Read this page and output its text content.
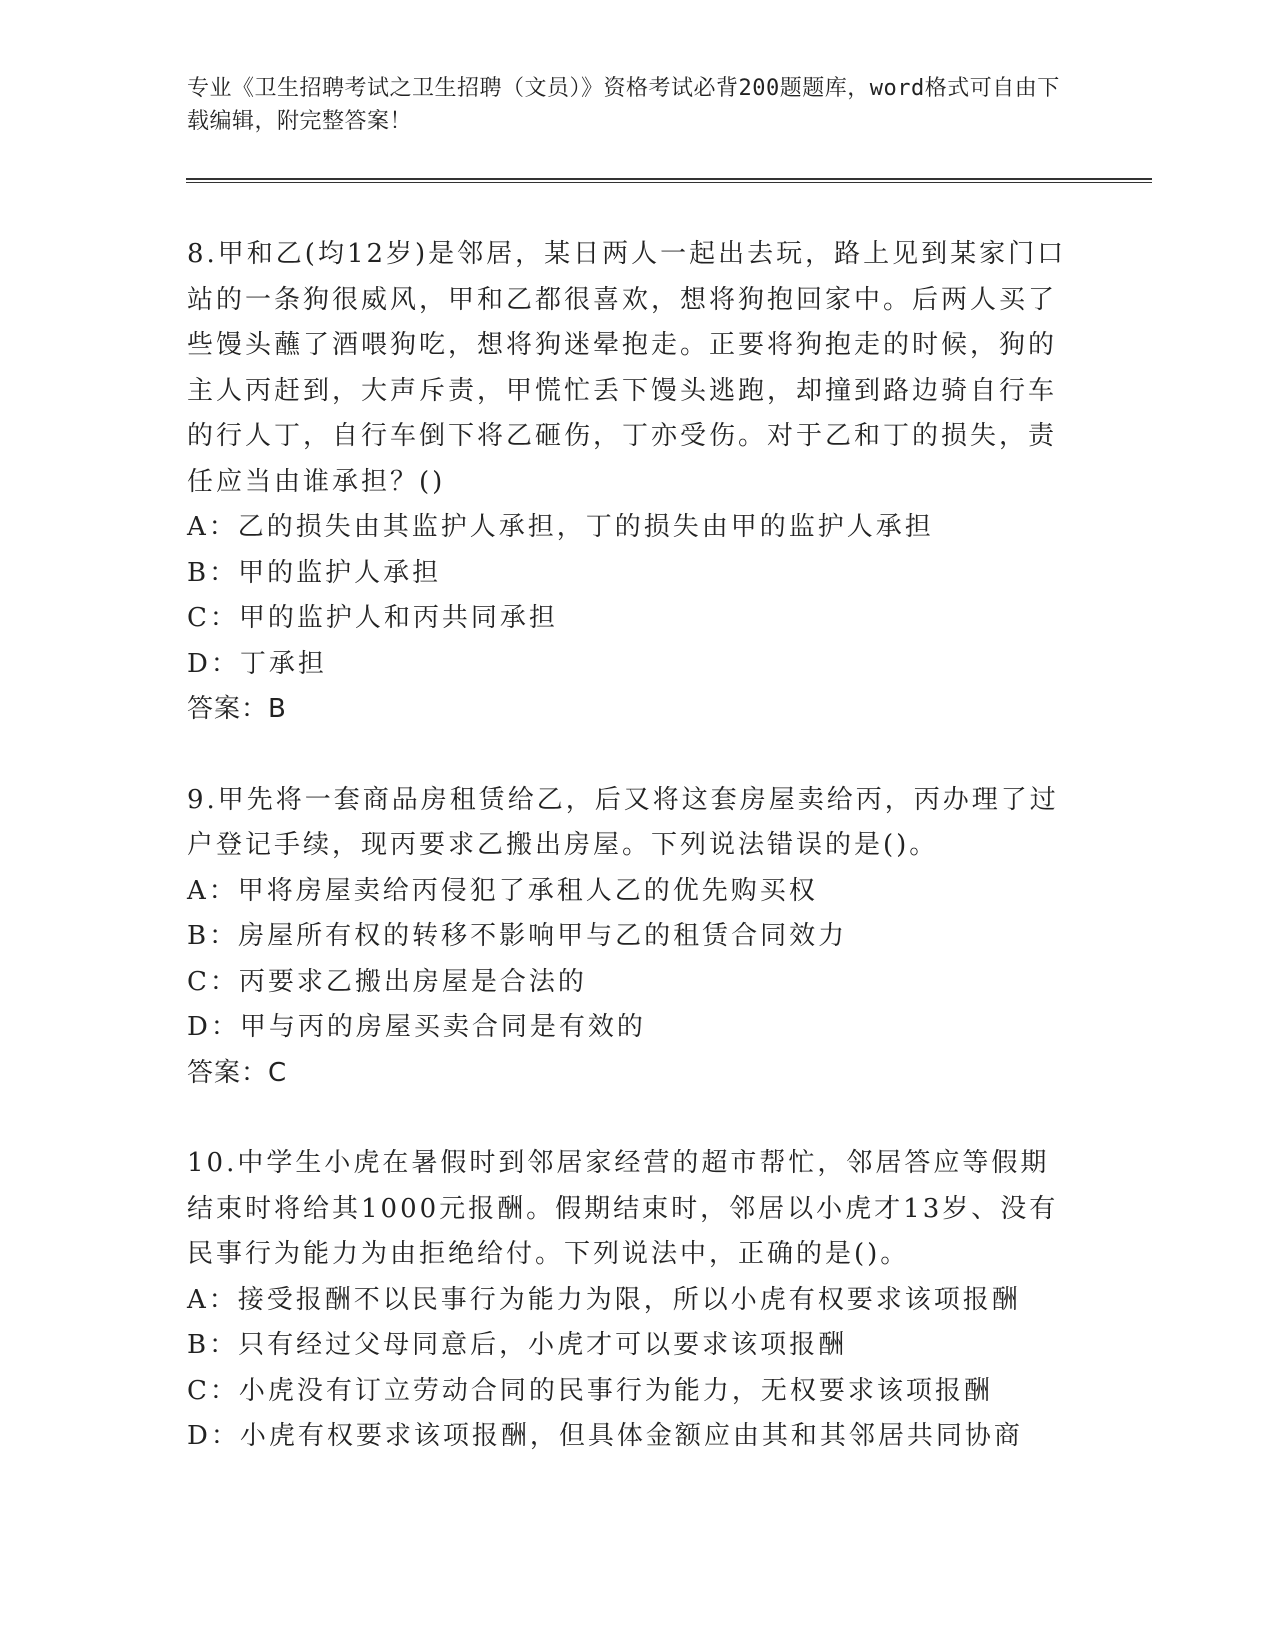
专业《卫生招聘考试之卫生招聘（文员）》资格考试必背200题题库，word格式可自由下载编辑，附完整答案！
8.甲和乙(均12岁)是邻居，某日两人一起出去玩，路上见到某家门口站的一条狗很威风，甲和乙都很喜欢，想将狗抱回家中。后两人买了些馒头蘸了酒喂狗吃，想将狗迷晕抱走。正要将狗抱走的时候，狗的主人丙赶到，大声斥责，甲慌忙丢下馒头逃跑，却撞到路边骑自行车的行人丁，自行车倒下将乙砸伤，丁亦受伤。对于乙和丁的损失，责任应当由谁承担？()
A：乙的损失由其监护人承担，丁的损失由甲的监护人承担
B：甲的监护人承担
C：甲的监护人和丙共同承担
D：丁承担
答案：B
9.甲先将一套商品房租赁给乙，后又将这套房屋卖给丙，丙办理了过户登记手续，现丙要求乙搬出房屋。下列说法错误的是()。
A：甲将房屋卖给丙侵犯了承租人乙的优先购买权
B：房屋所有权的转移不影响甲与乙的租赁合同效力
C：丙要求乙搬出房屋是合法的
D：甲与丙的房屋买卖合同是有效的
答案：C
10.中学生小虎在暑假时到邻居家经营的超市帮忙，邻居答应等假期结束时将给其1000元报酬。假期结束时，邻居以小虎才13岁、没有民事行为能力为由拒绝给付。下列说法中，正确的是()。
A：接受报酬不以民事行为能力为限，所以小虎有权要求该项报酬
B：只有经过父母同意后，小虎才可以要求该项报酬
C：小虎没有订立劳动合同的民事行为能力，无权要求该项报酬
D：小虎有权要求该项报酬，但具体金额应由其和其邻居共同协商
